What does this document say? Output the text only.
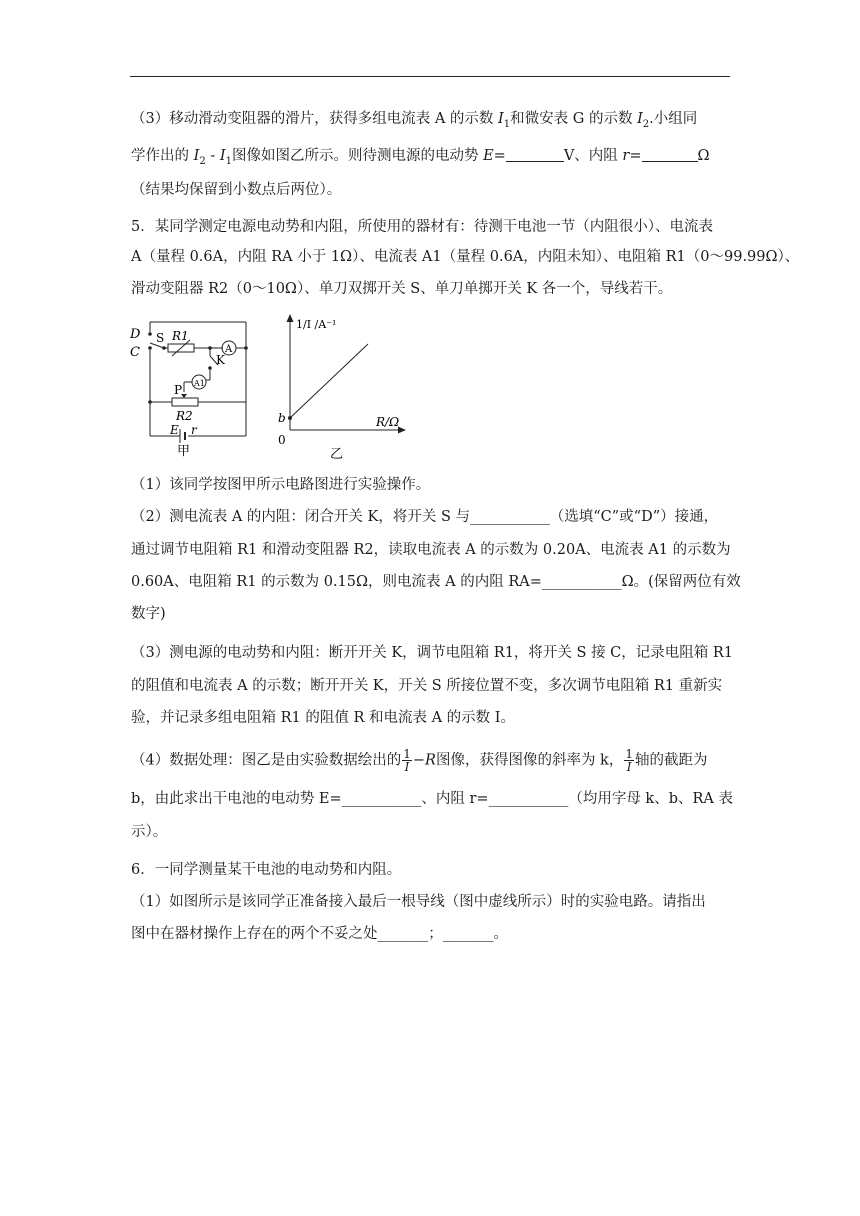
（3）移动滑动变阻器的滑片，获得多组电流表 A 的示数 $I_1$和微安表 G 的示数 $I_2$.小组同
学作出的 $I_2 - I_1$图像如图乙所示。则待测电源的电动势 E=	V、内阻 r=	Ω
（结果均保留到小数点后两位）。
5．某同学测定电源电动势和内阻，所使用的器材有：待测干电池一节（内阻很小）、电流表
A（量程 0.6A，内阻 RA 小于 1Ω）、电流表 A1（量程 0.6A，内阻未知）、电阻箱 R1（0～99.99Ω）、
滑动变阻器 R2（0～10Ω）、单刀双掷开关 S、单刀单掷开关 K 各一个，导线若干。
D
C
S R1
A
K
P A1
R2
E r
甲
1/I /A⁻¹
R/Ω
b
0
乙
（1）该同学按图甲所示电路图进行实验操作。
（2）测电流表 A 的内阻：闭合开关 K，将开关 S 与___________（选填“C”或“D”）接通，
通过调节电阻箱 R1 和滑动变阻器 R2，读取电流表 A 的示数为 0.20A、电流表 A1 的示数为
0.60A、电阻箱 R1 的示数为 0.15Ω，则电流表 A 的内阻 RA=___________Ω。(保留两位有效
数字)
（3）测电源的电动势和内阻：断开开关 K，调节电阻箱 R1，将开关 S 接 C，记录电阻箱 R1
的阻值和电流表 A 的示数；断开开关 K，开关 S 所接位置不变，多次调节电阻箱 R1 重新实
验，并记录多组电阻箱 R1 的阻值 R 和电流表 A 的示数 I。
（4）数据处理：图乙是由实验数据绘出的 $\frac{1}{I} -R$图像，获得图像的斜率为 k， $\frac{1}{I}$ 轴的截距为
b，由此求出干电池的电动势 E=___________、内阻 r=___________（均用字母 k、b、RA 表
示）。
6．一同学测量某干电池的电动势和内阻。
（1）如图所示是该同学正准备接入最后一根导线（图中虚线所示）时的实验电路。请指出
图中在器材操作上存在的两个不妥之处_______；_______。
